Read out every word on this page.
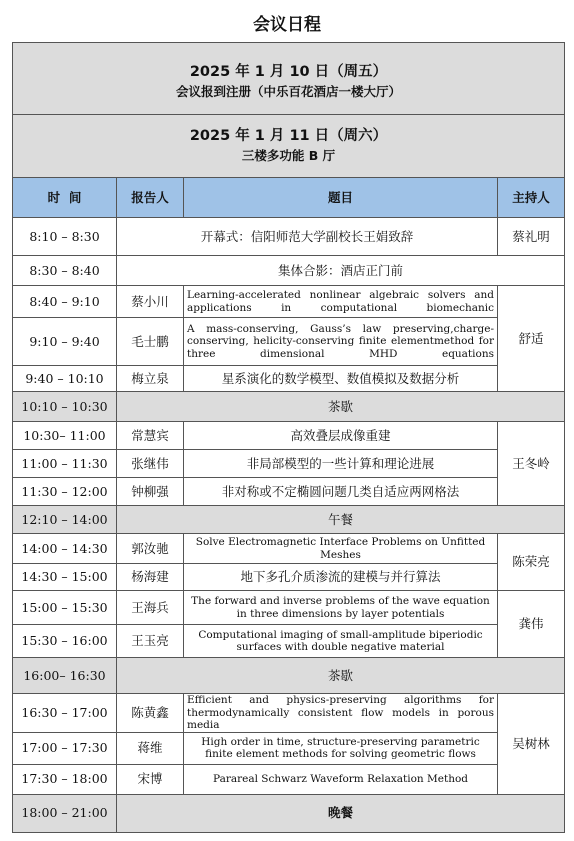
会议日程
2025 年 1 月 10 日（周五）
会议报到注册（中乐百花酒店一楼大厅）			

2025 年 1 月 11 日（周六）
三楼多功能 B 厅			

时  间	报告人	题目	主持人
8:10 – 8:30	开幕式：信阳师范大学副校长王娟致辞		蔡礼明
8:30 – 8:40	集体合影：酒店正门前		
8:40 – 9:10	蔡小川	Learning-accelerated nonlinear algebraic solvers and applications in computational biomechanic	舒适
9:10 – 9:40	毛士鹏	A mass-conserving, Gauss’s law preserving,charge-conserving, helicity-conserving finite elementmethod for three dimensional MHD equations	
9:40 – 10:10	梅立泉	星系演化的数学模型、数值模拟及数据分析	
10:10 – 10:30	茶歇		
10:30– 11:00	常慧宾	高效叠层成像重建	王冬岭
11:00 – 11:30	张继伟	非局部模型的一些计算和理论进展	
11:30 – 12:00	钟柳强	非对称或不定椭圆问题几类自适应两网格法	
12:10 – 14:00	午餐		
14:00 – 14:30	郭汝驰	Solve Electromagnetic Interface Problems on Unfitted Meshes	陈荣亮
14:30 – 15:00	杨海建	地下多孔介质渗流的建模与并行算法	
15:00 – 15:30	王海兵	The forward and inverse problems of the wave equation in three dimensions by layer potentials	龚伟
15:30 – 16:00	王玉亮	Computational imaging of small-amplitude biperiodic surfaces with double negative material	
16:00– 16:30	茶歇		
16:30 – 17:00	陈黄鑫	Efficient and physics-preserving algorithms for thermodynamically consistent flow models in porous media	吴树林
17:00 – 17:30	蒋维	High order in time, structure-preserving parametric finite element methods for solving geometric flows	
17:30 – 18:00	宋博	Parareal Schwarz Waveform Relaxation Method	
18:00 – 21:00	晚餐		
